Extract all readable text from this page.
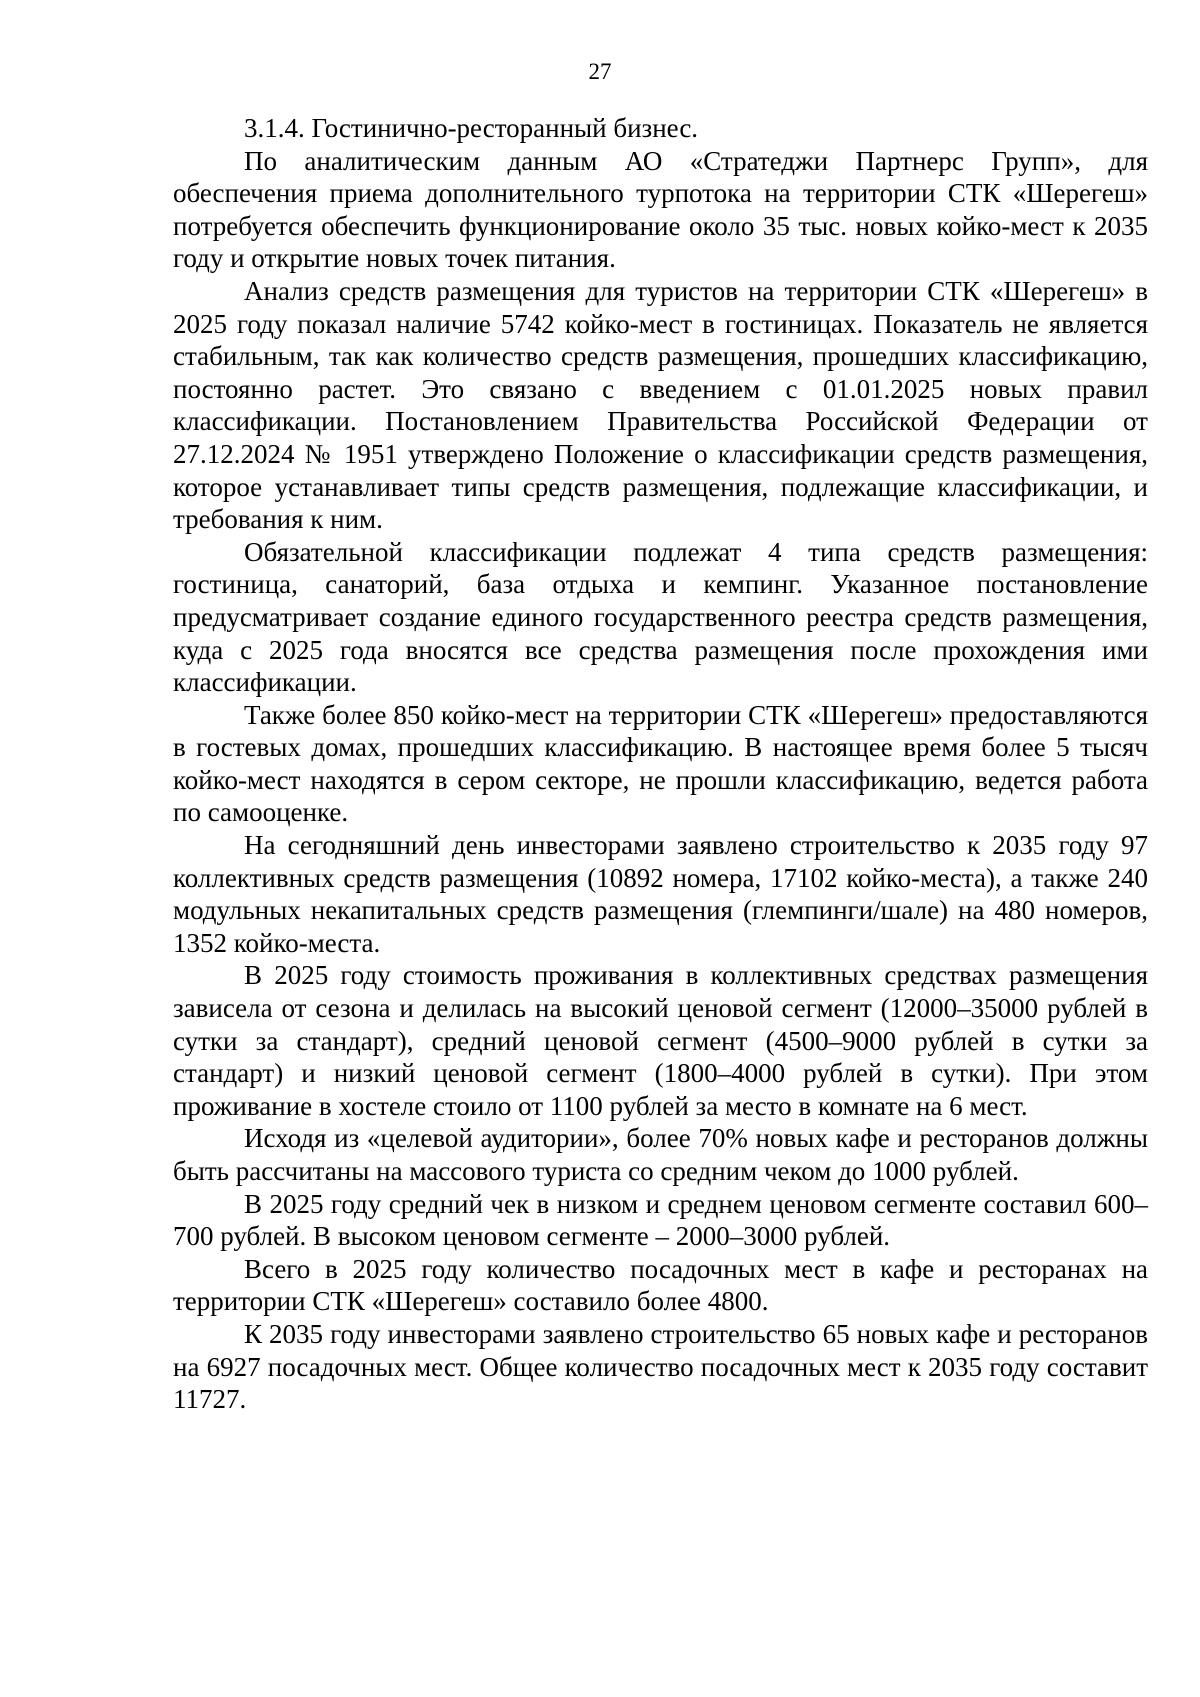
27

3.1.4. Гостинично-ресторанный бизнес.

По аналитическим данным АО «Стратеджи Партнерс Групп», для обеспечения приема дополнительного турпотока на территории СТК «Шерегеш» потребуется обеспечить функционирование около 35 тыс. новых койко-мест к 2035 году и открытие новых точек питания.

Анализ средств размещения для туристов на территории СТК «Шерегеш» в 2025 году показал наличие 5742 койко-мест в гостиницах. Показатель не является стабильным, так как количество средств размещения, прошедших классификацию, постоянно растет. Это связано с введением с 01.01.2025 новых правил классификации. Постановлением Правительства Российской Федерации от 27.12.2024 № 1951 утверждено Положение о классификации средств размещения, которое устанавливает типы средств размещения, подлежащие классификации, и требования к ним.

Обязательной классификации подлежат 4 типа средств размещения: гостиница, санаторий, база отдыха и кемпинг. Указанное постановление предусматривает создание единого государственного реестра средств размещения, куда с 2025 года вносятся все средства размещения после прохождения ими классификации.

Также более 850 койко-мест на территории СТК «Шерегеш» предоставляются в гостевых домах, прошедших классификацию. В настоящее время более 5 тысяч койко-мест находятся в сером секторе, не прошли классификацию, ведется работа по самооценке.

На сегодняшний день инвесторами заявлено строительство к 2035 году 97 коллективных средств размещения (10892 номера, 17102 койко-места), а также 240 модульных некапитальных средств размещения (глемпинги/шале) на 480 номеров, 1352 койко-места.

В 2025 году стоимость проживания в коллективных средствах размещения зависела от сезона и делилась на высокий ценовой сегмент (12000–35000 рублей в сутки за стандарт), средний ценовой сегмент (4500–9000 рублей в сутки за стандарт) и низкий ценовой сегмент (1800–4000 рублей в сутки). При этом проживание в хостеле стоило от 1100 рублей за место в комнате на 6 мест.

Исходя из «целевой аудитории», более 70% новых кафе и ресторанов должны быть рассчитаны на массового туриста со средним чеком до 1000 рублей.

В 2025 году средний чек в низком и среднем ценовом сегменте составил 600–700 рублей. В высоком ценовом сегменте – 2000–3000 рублей.

Всего в 2025 году количество посадочных мест в кафе и ресторанах на территории СТК «Шерегеш» составило более 4800.

К 2035 году инвесторами заявлено строительство 65 новых кафе и ресторанов на 6927 посадочных мест. Общее количество посадочных мест к 2035 году составит 11727.
